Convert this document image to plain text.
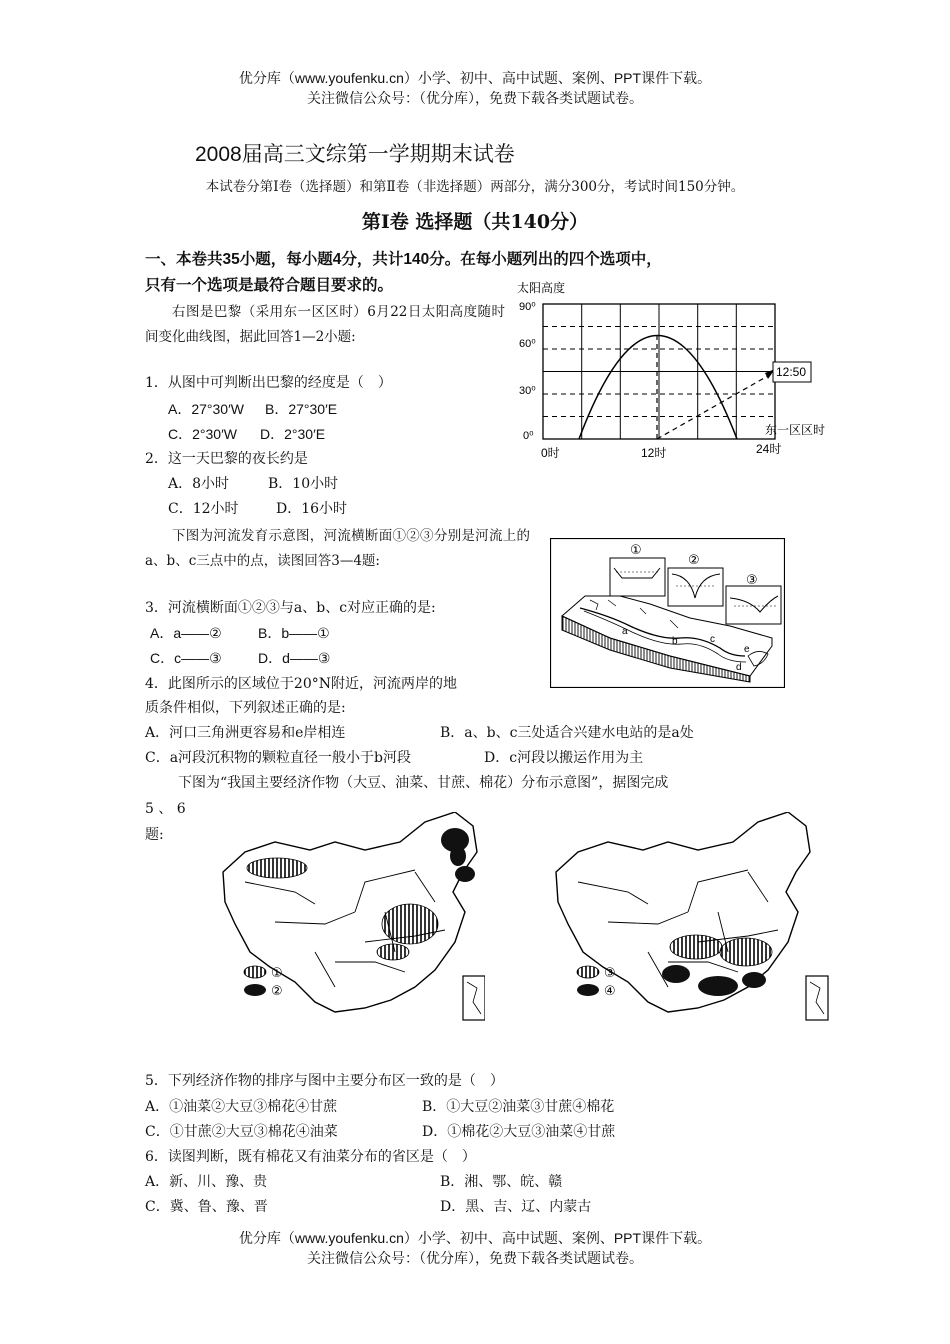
优分库（www.youfenku.cn）小学、初中、高中试题、案例、PPT课件下载。
关注微信公众号：（优分库），免费下载各类试题试卷。
2008届高三文综第一学期期末试卷
本试卷分第Ⅰ卷（选择题）和第Ⅱ卷（非选择题）两部分，满分300分，考试时间150分钟。
第Ⅰ卷 选择题（共140分）
一、本卷共35小题，每小题4分，共计140分。在每小题列出的四个选项中，
只有一个选项是最符合题目要求的。
右图是巴黎（采用东一区区时）6月22日太阳高度随时间变化曲线图，据此回答1—2小题:
1．从图中可判断出巴黎的经度是（　）
A．27°30′W B．27°30′E
C．2°30′W D．2°30′E
2．这一天巴黎的夜长约是
A．8小时	B．10小时
C．12小时	D．16小时
太阳高度
12:50
90⁰
60⁰
30⁰
0⁰
0时	12时	24时
东一区区时
下图为河流发育示意图，河流横断面①②③分别是河流上的a、b、c三点中的点，读图回答3—4题:
3．河流横断面①②③与a、b、c对应正确的是:
A．a——②	B．b——①
C．c——③	D．d——③
4．此图所示的区域位于20°N附近，河流两岸的地
质条件相似，下列叙述正确的是:
A．河口三角洲更容易和e岸相连	B．a、b、c三处适合兴建水电站的是a处
C．a河段沉积物的颗粒直径一般小于b河段	D．c河段以搬运作用为主
①
②
③
a
b	c
d
e
下图为“我国主要经济作物（大豆、油菜、甘蔗、棉花）分布示意图”，据图完成
5 、 6
题:
①
②
③
④
5．下列经济作物的排序与图中主要分布区一致的是（　）
A．①油菜②大豆③棉花④甘蔗	B．①大豆②油菜③甘蔗④棉花
C．①甘蔗②大豆③棉花④油菜	D．①棉花②大豆③油菜④甘蔗
6．读图判断，既有棉花又有油菜分布的省区是（　）
A．新、川、豫、贵	B．湘、鄂、皖、赣
C．冀、鲁、豫、晋	D．黑、吉、辽、内蒙古
优分库（www.youfenku.cn）小学、初中、高中试题、案例、PPT课件下载。
关注微信公众号：（优分库），免费下载各类试题试卷。
